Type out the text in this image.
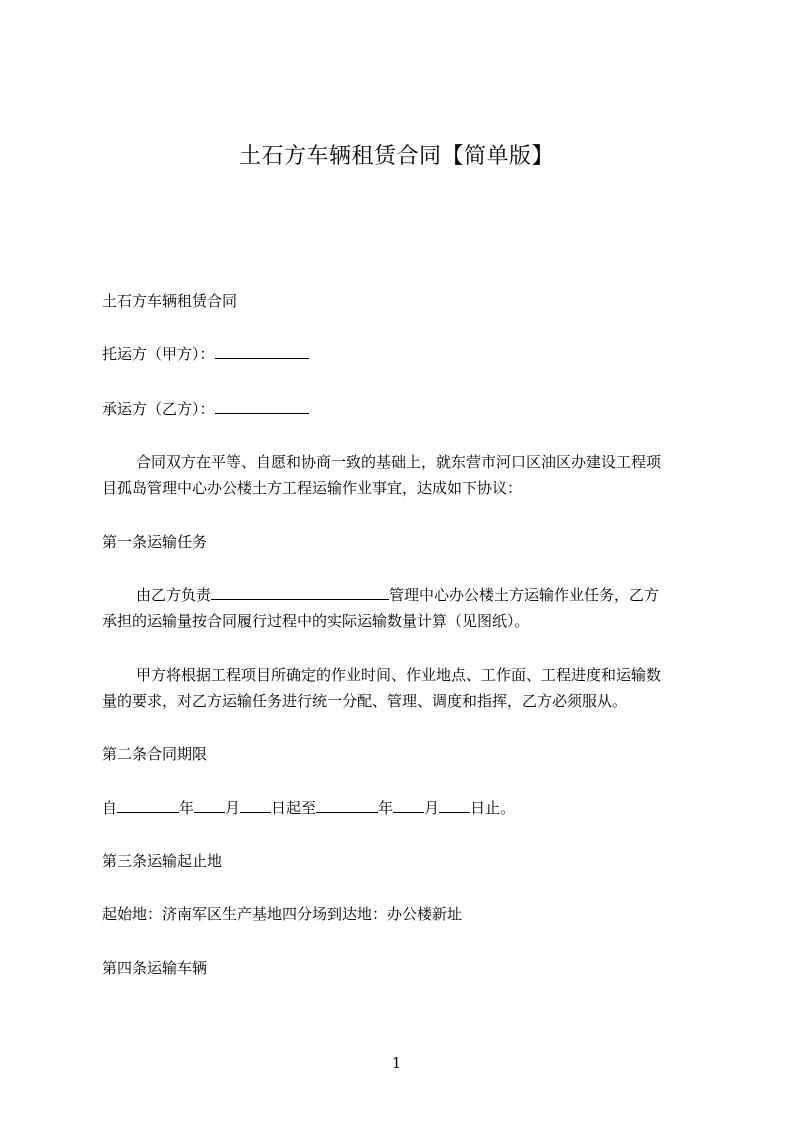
土石方车辆租赁合同【简单版】
土石方车辆租赁合同
托运方（甲方）：
承运方（乙方）：
合同双方在平等、自愿和协商一致的基础上，就东营市河口区油区办建设工程项
目孤岛管理中心办公楼土方工程运输作业事宜，达成如下协议：
第一条运输任务
由乙方负责	管理中心办公楼土方运输作业任务，乙方
承担的运输量按合同履行过程中的实际运输数量计算（见图纸）。
甲方将根据工程项目所确定的作业时间、作业地点、工作面、工程进度和运输数
量的要求，对乙方运输任务进行统一分配、管理、调度和指挥，乙方必须服从。
第二条合同期限
自	年 月 日起至	年 月 日止。
第三条运输起止地
起始地：济南军区生产基地四分场到达地：办公楼新址
第四条运输车辆
1
